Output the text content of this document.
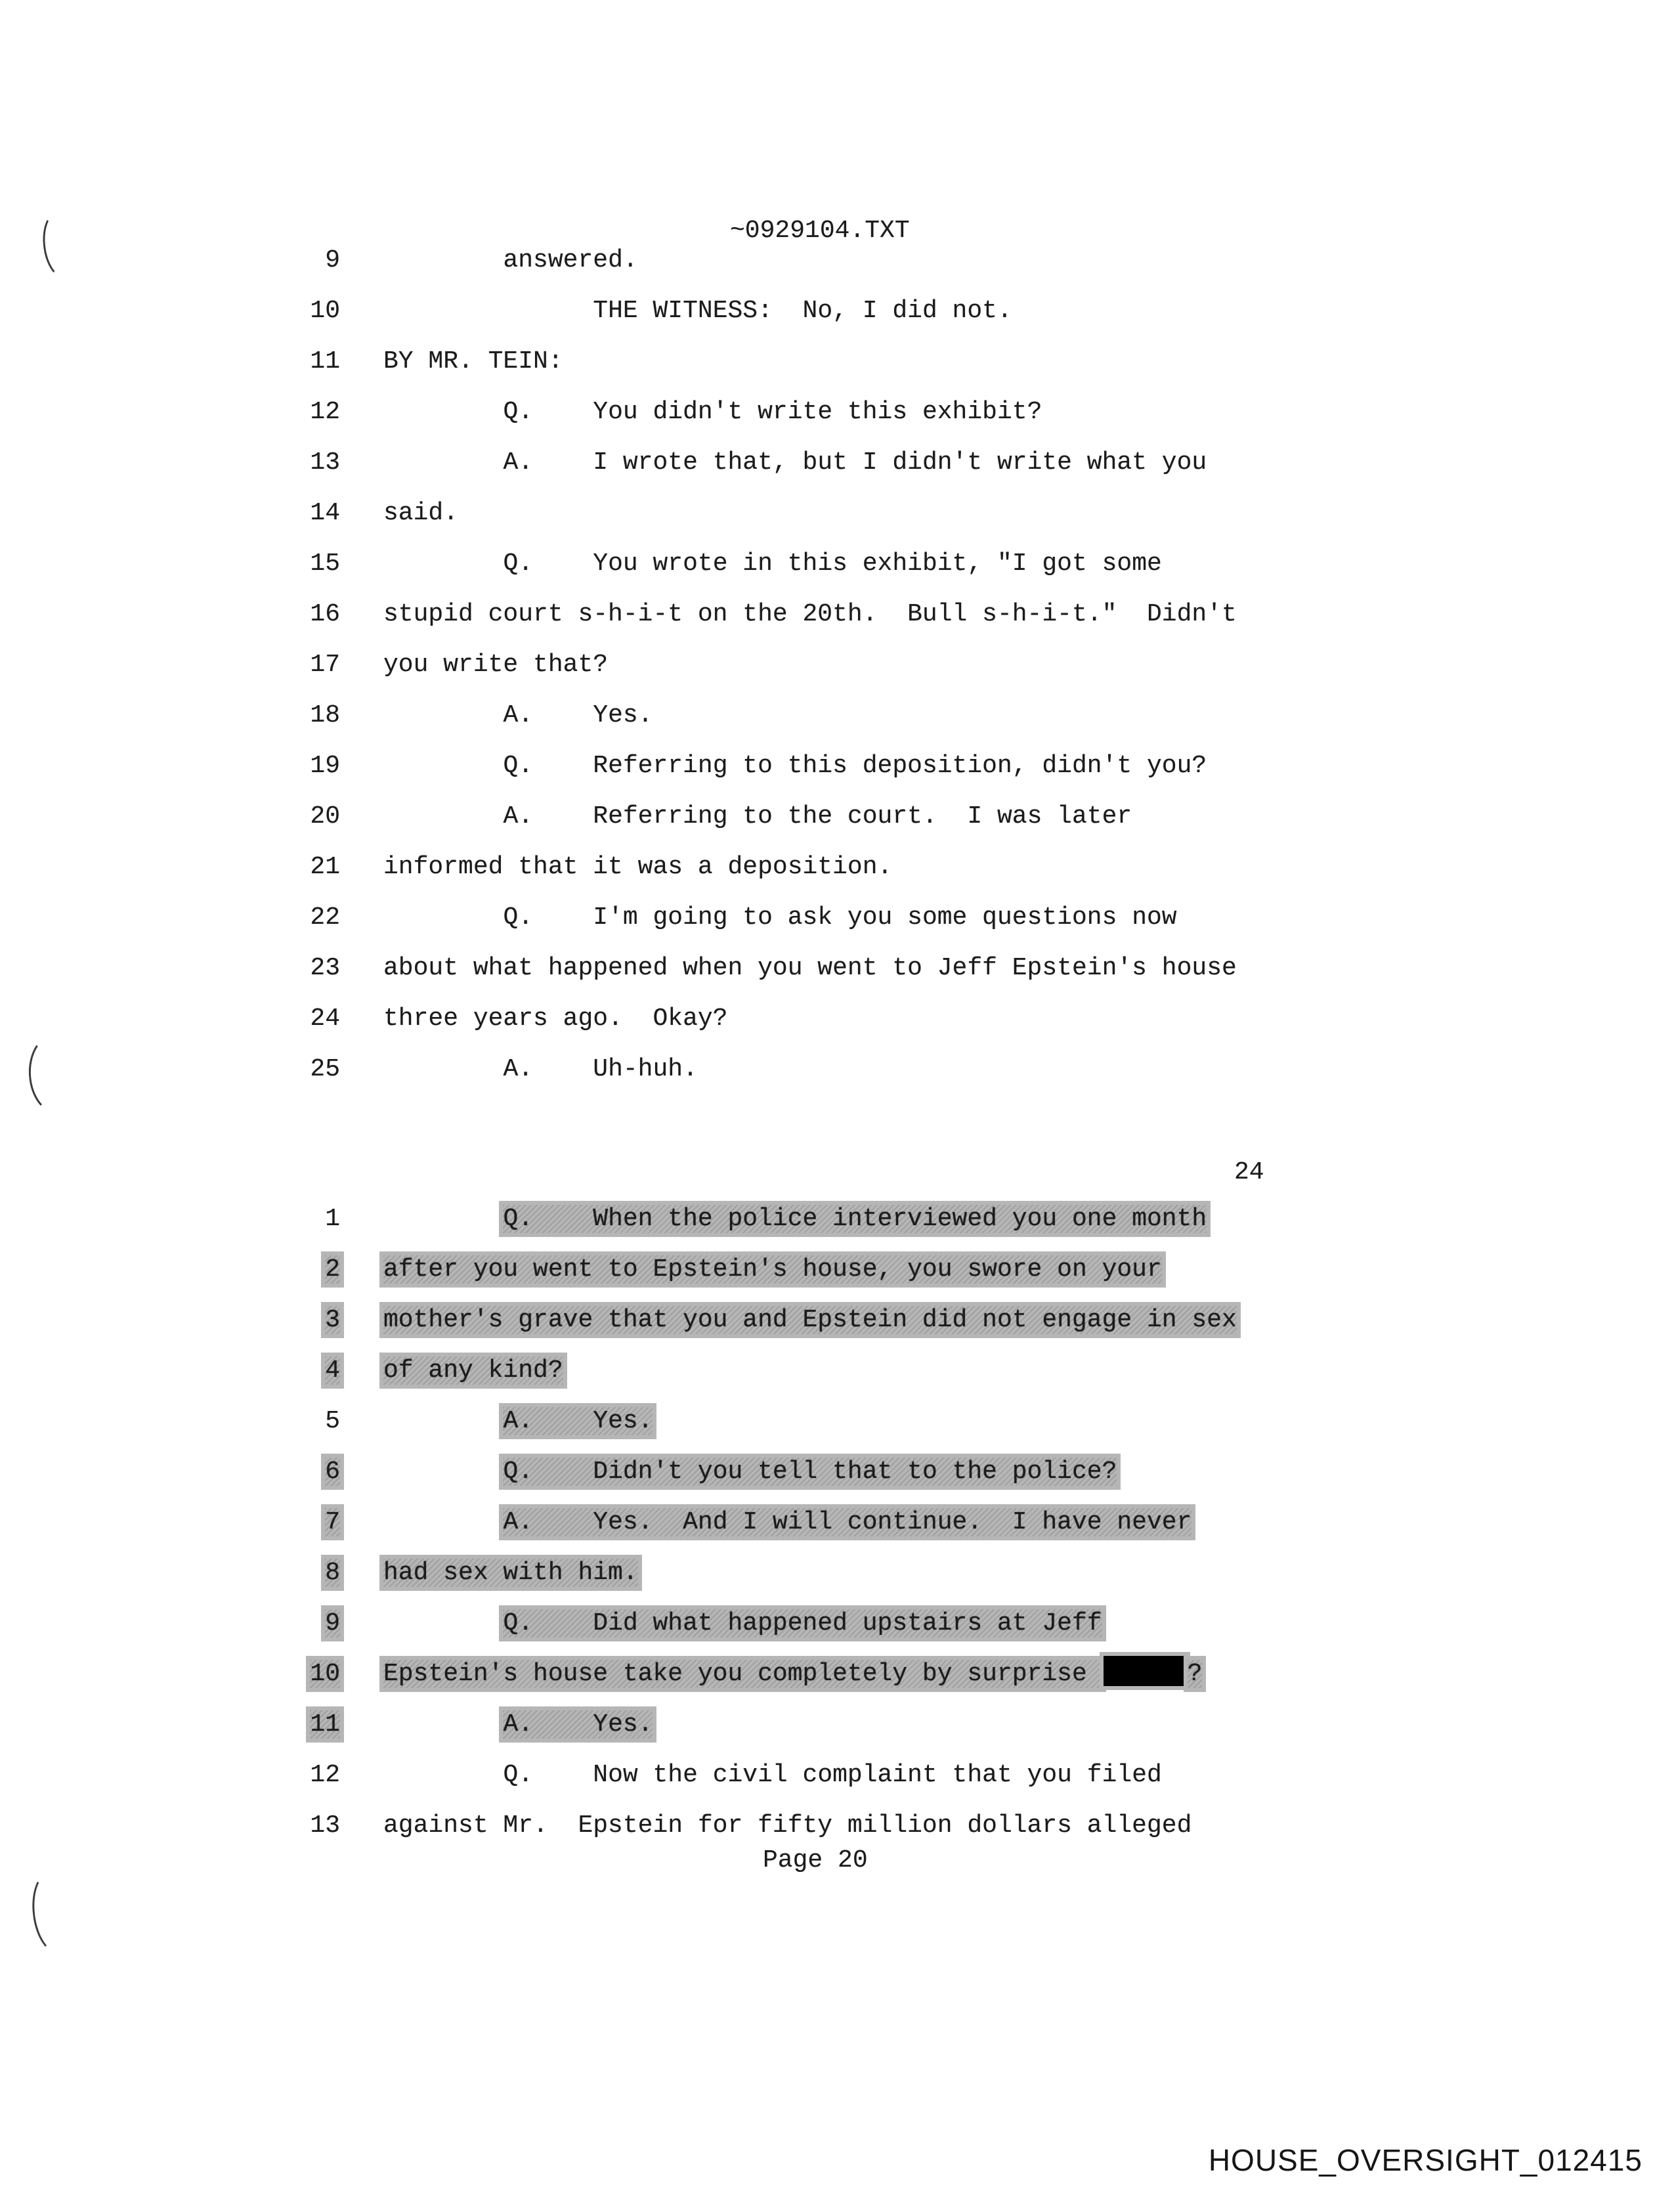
~0929104.TXT
9	answered.
10	THE WITNESS:  No, I did not.
11 BY MR. TEIN:
12	Q.    You didn't write this exhibit?
13	A.    I wrote that, but I didn't write what you
14 said.
15	Q.    You wrote in this exhibit, "I got some
16 stupid court s-h-i-t on the 20th.  Bull s-h-i-t."  Didn't
17 you write that?
18	A.    Yes.
19	Q.    Referring to this deposition, didn't you?
20	A.    Referring to the court.  I was later
21 informed that it was a deposition.
22	Q.    I'm going to ask you some questions now
23 about what happened when you went to Jeff Epstein's house
24 three years ago.  Okay?
25	A.    Uh-huh.
24
1	Q.    When the police interviewed you one month
2 after you went to Epstein's house, you swore on your
3 mother's grave that you and Epstein did not engage in sex
4 of any kind?
5	A.    Yes.
6	Q.    Didn't you tell that to the police?
7	A.    Yes.  And I will continue.  I have never
8 had sex with him.
9	Q.    Did what happened upstairs at Jeff
10 Epstein's house take you completely by surprise	?
11	A.    Yes.
12	Q.    Now the civil complaint that you filed
13 against Mr.  Epstein for fifty million dollars alleged
Page 20
HOUSE_OVERSIGHT_012415
